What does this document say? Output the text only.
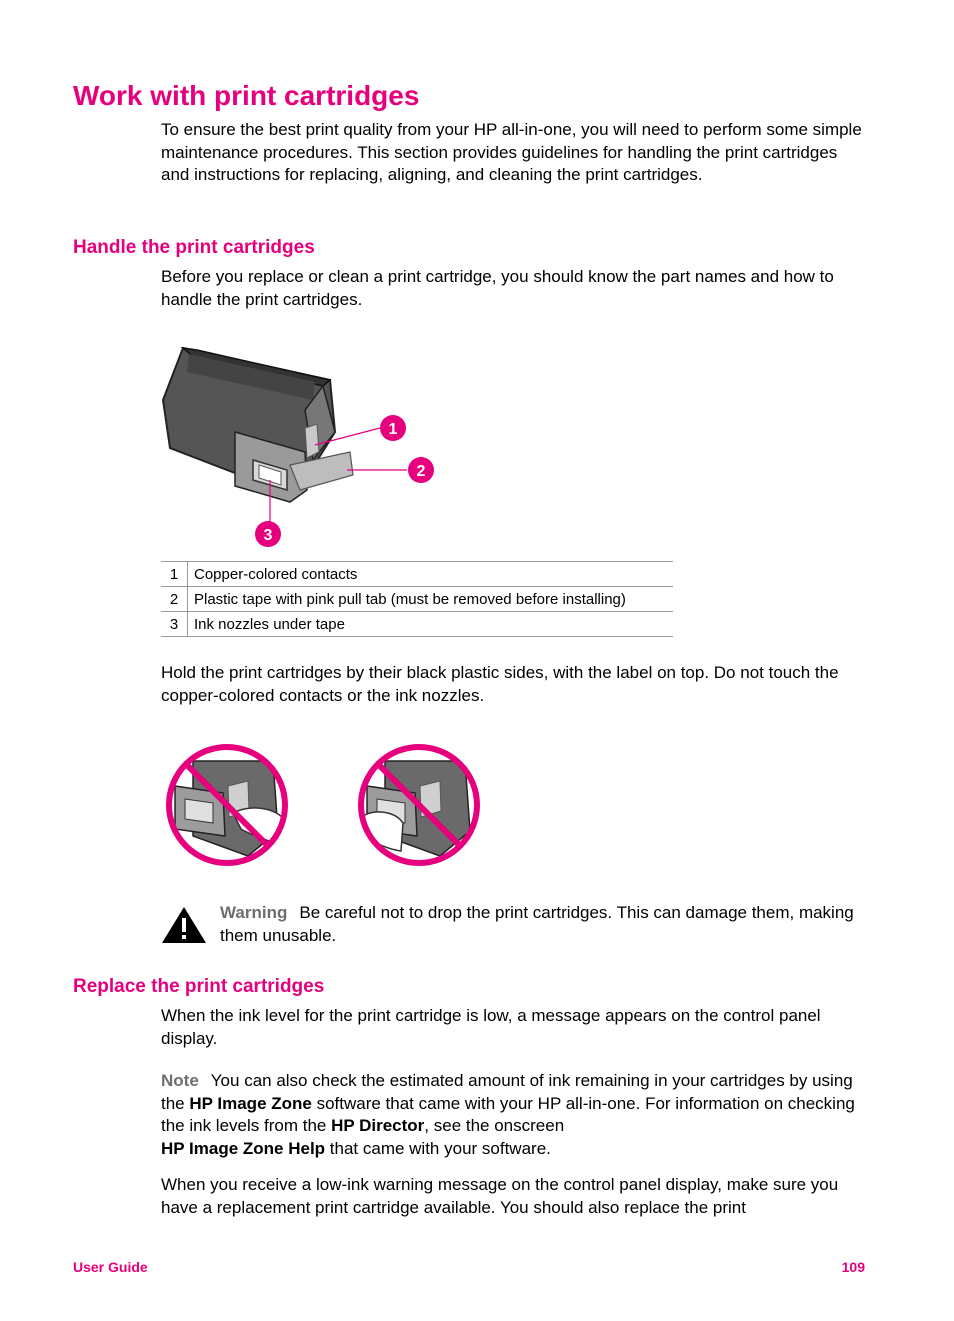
Work with print cartridges

To ensure the best print quality from your HP all-in-one, you will need to perform some simple maintenance procedures. This section provides guidelines for handling the print cartridges and instructions for replacing, aligning, and cleaning the print cartridges.

Handle the print cartridges

Before you replace or clean a print cartridge, you should know the part names and how to handle the print cartridges.

1
2
3
1	Copper-colored contacts
2	Plastic tape with pink pull tab (must be removed before installing)
3	Ink nozzles under tape

Hold the print cartridges by their black plastic sides, with the label on top. Do not touch the copper-colored contacts or the ink nozzles.

Warning Be careful not to drop the print cartridges. This can damage them, making them unusable.

Replace the print cartridges

When the ink level for the print cartridge is low, a message appears on the control panel display.

Note You can also check the estimated amount of ink remaining in your cartridges by using the HP Image Zone software that came with your HP all-in-one. For information on checking the ink levels from the HP Director, see the onscreen
HP Image Zone Help that came with your software.

When you receive a low-ink warning message on the control panel display, make sure you have a replacement print cartridge available. You should also replace the print

User Guide	109
